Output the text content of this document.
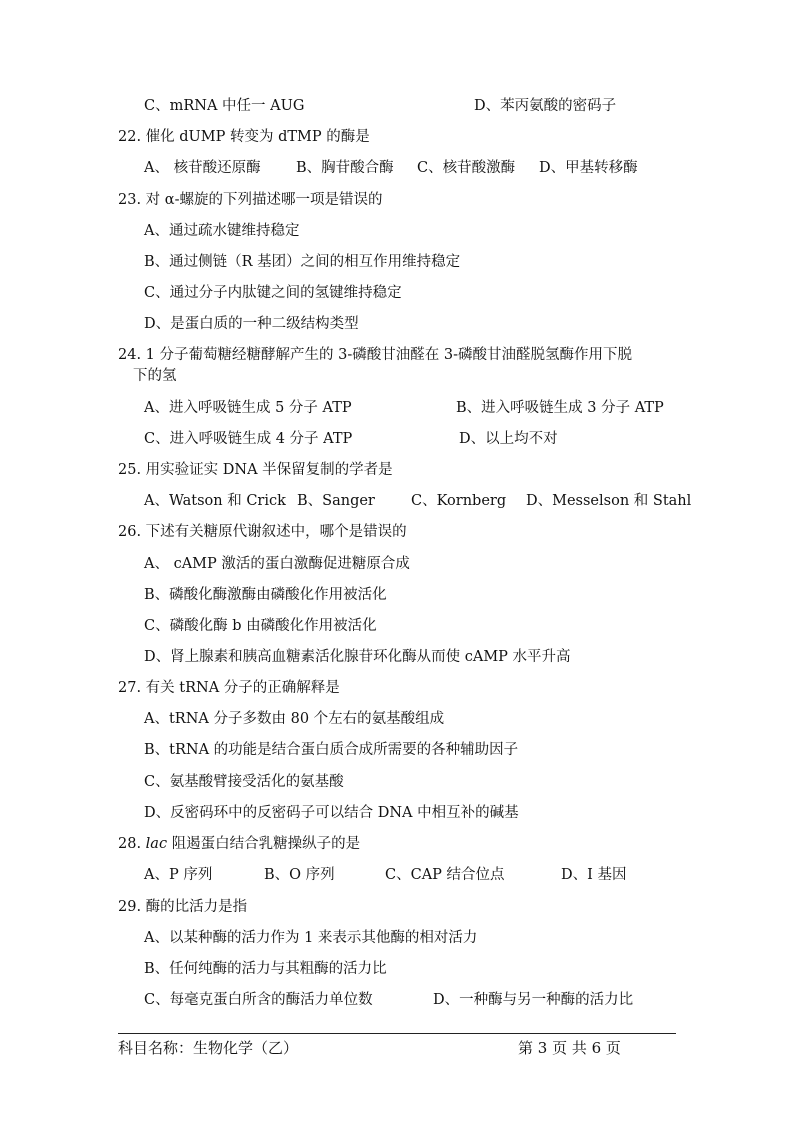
C、mRNA 中任一 AUG	D、苯丙氨酸的密码子
22. 催化 dUMP 转变为 dTMP 的酶是
A、 核苷酸还原酶 B、胸苷酸合酶 C、核苷酸激酶 D、甲基转移酶
23. 对 α-螺旋的下列描述哪一项是错误的
A、通过疏水键维持稳定
B、通过侧链（R 基团）之间的相互作用维持稳定
C、通过分子内肽键之间的氢键维持稳定
D、是蛋白质的一种二级结构类型
24. 1 分子葡萄糖经糖酵解产生的 3-磷酸甘油醛在 3-磷酸甘油醛脱氢酶作用下脱
下的氢
A、进入呼吸链生成 5 分子 ATP	B、进入呼吸链生成 3 分子 ATP
C、进入呼吸链生成 4 分子 ATP	D、以上均不对
25. 用实验证实 DNA 半保留复制的学者是
A、Watson 和 Crick B、Sanger C、Kornberg D、Messelson 和 Stahl
26. 下述有关糖原代谢叙述中，哪个是错误的
A、 cAMP 激活的蛋白激酶促进糖原合成
B、磷酸化酶激酶由磷酸化作用被活化
C、磷酸化酶 b 由磷酸化作用被活化
D、肾上腺素和胰高血糖素活化腺苷环化酶从而使 cAMP 水平升高
27. 有关 tRNA 分子的正确解释是
A、tRNA 分子多数由 80 个左右的氨基酸组成
B、tRNA 的功能是结合蛋白质合成所需要的各种辅助因子
C、氨基酸臂接受活化的氨基酸
D、反密码环中的反密码子可以结合 DNA 中相互补的碱基
28. lac 阻遏蛋白结合乳糖操纵子的是
A、P 序列	B、O 序列	C、CAP 结合位点	D、I 基因
29. 酶的比活力是指
A、以某种酶的活力作为 1 来表示其他酶的相对活力
B、任何纯酶的活力与其粗酶的活力比
C、每毫克蛋白所含的酶活力单位数	D、一种酶与另一种酶的活力比
科目名称：生物化学（乙）	第 3 页 共 6 页
